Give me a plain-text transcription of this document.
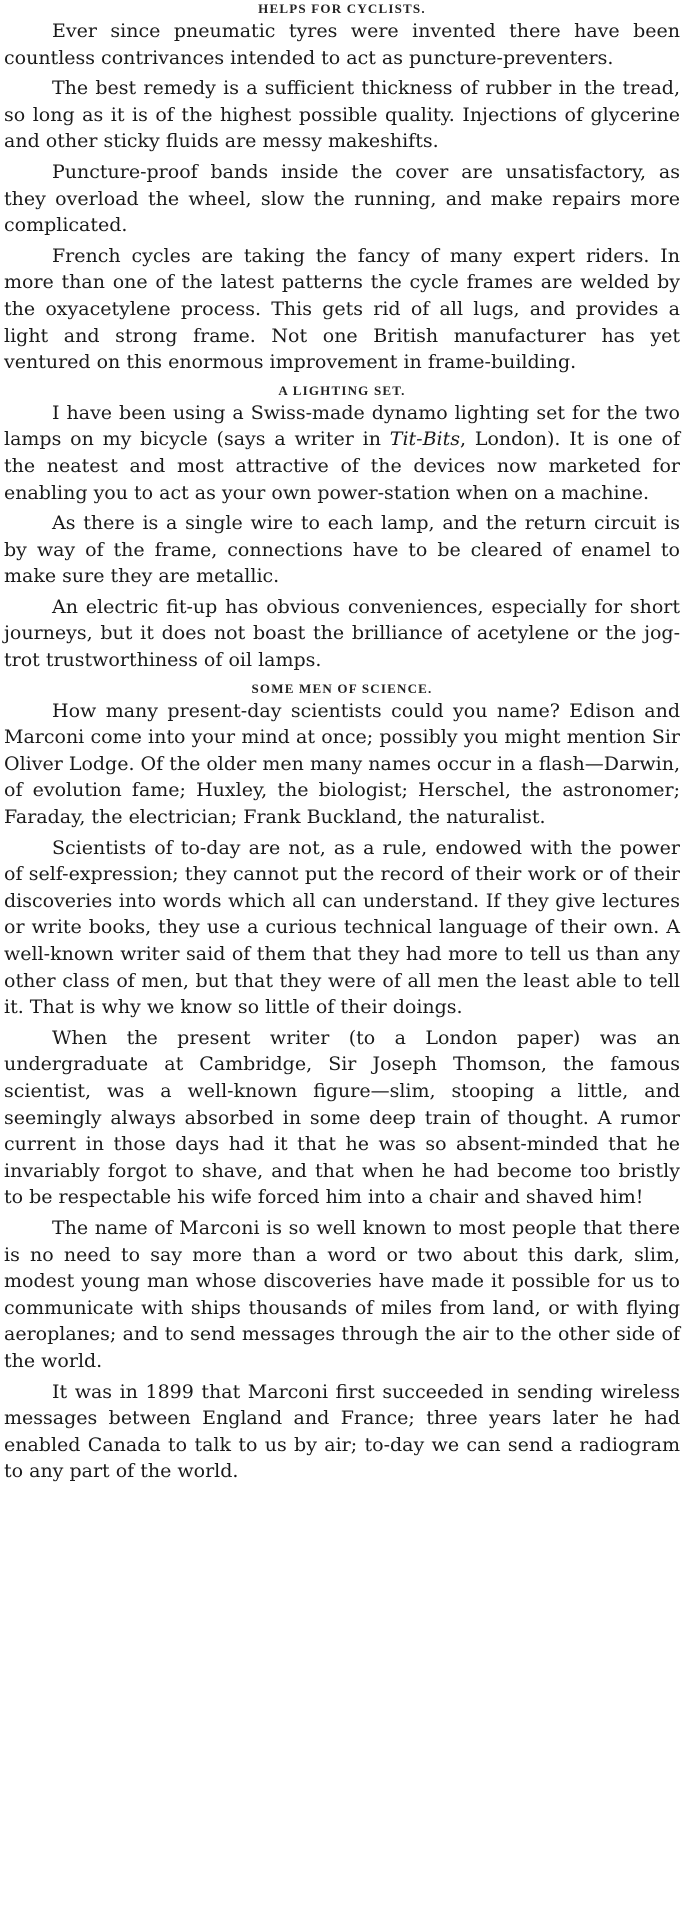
HELPS FOR CYCLISTS.

Ever since pneumatic tyres were invented there have been countless contrivances intended to act as puncture-preventers.

The best remedy is a sufficient thickness of rubber in the tread, so long as it is of the highest possible quality. Injections of glycerine and other sticky fluids are messy makeshifts.

Puncture-proof bands inside the cover are unsatisfactory, as they overload the wheel, slow the running, and make repairs more complicated.

French cycles are taking the fancy of many expert riders. In more than one of the latest patterns the cycle frames are welded by the oxyacetylene process. This gets rid of all lugs, and provides a light and strong frame. Not one British manufacturer has yet ventured on this enormous improvement in frame-building.

A LIGHTING SET.

I have been using a Swiss-made dynamo lighting set for the two lamps on my bicycle (says a writer in Tit-Bits, London). It is one of the neatest and most attractive of the devices now marketed for enabling you to act as your own power-station when on a machine.

As there is a single wire to each lamp, and the return circuit is by way of the frame, connections have to be cleared of enamel to make sure they are metallic.

An electric fit-up has obvious conveniences, especially for short journeys, but it does not boast the brilliance of acetylene or the jog-trot trustworthiness of oil lamps.

SOME MEN OF SCIENCE.

How many present-day scientists could you name? Edison and Marconi come into your mind at once; possibly you might mention Sir Oliver Lodge. Of the older men many names occur in a flash—Darwin, of evolution fame; Huxley, the biologist; Herschel, the astronomer; Faraday, the electrician; Frank Buckland, the naturalist.

Scientists of to-day are not, as a rule, endowed with the power of self-expression; they cannot put the record of their work or of their discoveries into words which all can understand. If they give lectures or write books, they use a curious technical language of their own. A well-known writer said of them that they had more to tell us than any other class of men, but that they were of all men the least able to tell it. That is why we know so little of their doings.

When the present writer (to a London paper) was an undergraduate at Cambridge, Sir Joseph Thomson, the famous scientist, was a well-known figure—slim, stooping a little, and seemingly always absorbed in some deep train of thought. A rumor current in those days had it that he was so absent-minded that he invariably forgot to shave, and that when he had become too bristly to be respectable his wife forced him into a chair and shaved him!

The name of Marconi is so well known to most people that there is no need to say more than a word or two about this dark, slim, modest young man whose discoveries have made it possible for us to communicate with ships thousands of miles from land, or with flying aeroplanes; and to send messages through the air to the other side of the world.

It was in 1899 that Marconi first succeeded in sending wireless messages between England and France; three years later he had enabled Canada to talk to us by air; to-day we can send a radiogram to any part of the world.
